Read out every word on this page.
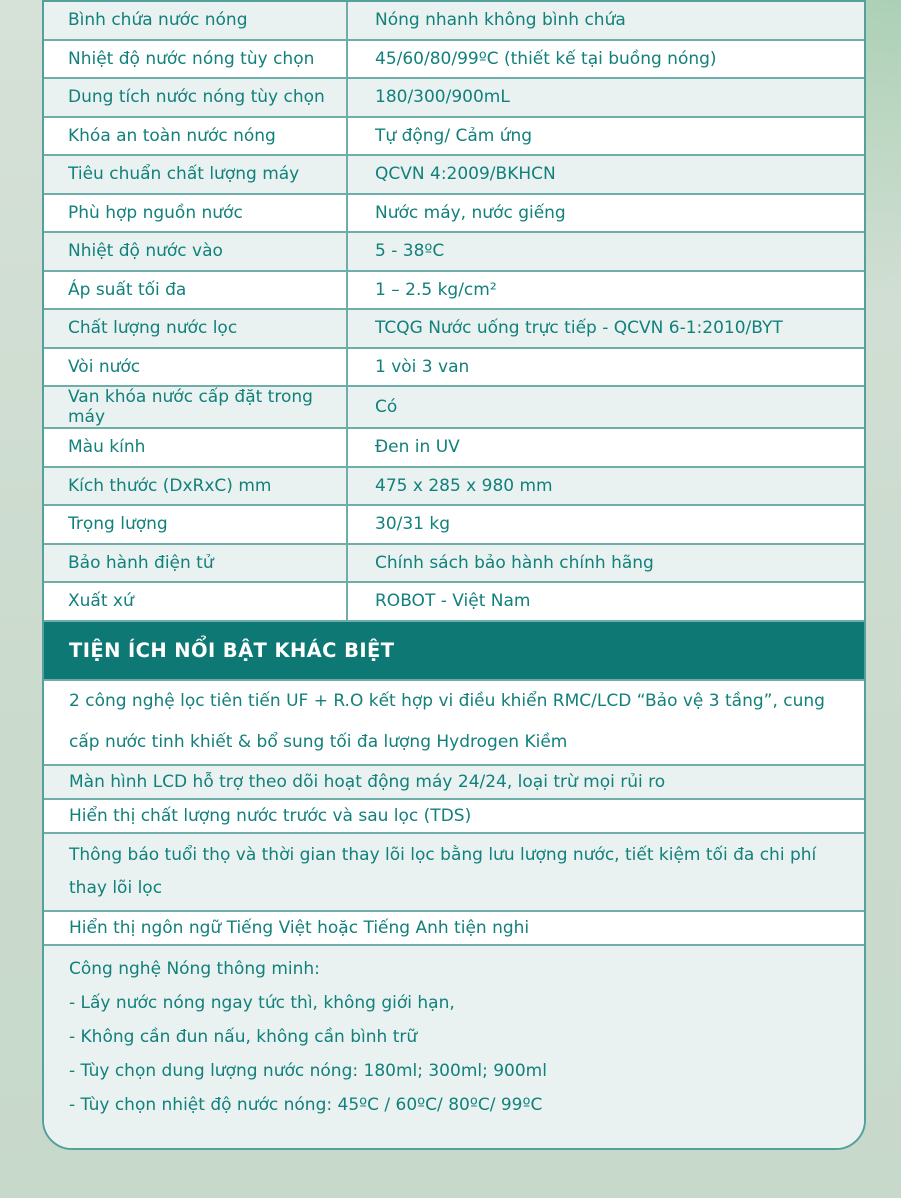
Bình chứa nước nóng	Nóng nhanh không bình chứa
Nhiệt độ nước nóng tùy chọn	45/60/80/99ºC (thiết kế tại buồng nóng)
Dung tích nước nóng tùy chọn	180/300/900mL
Khóa an toàn nước nóng	Tự động/ Cảm ứng
Tiêu chuẩn chất lượng máy	QCVN 4:2009/BKHCN
Phù hợp nguồn nước	Nước máy, nước giếng
Nhiệt độ nước vào	5 - 38ºC
Áp suất tối đa	1 – 2.5 kg/cm²
Chất lượng nước lọc	TCQG Nước uống trực tiếp - QCVN 6-1:2010/BYT
Vòi nước	1 vòi 3 van
Van khóa nước cấp đặt trong máy	Có
Màu kính	Đen in UV
Kích thước (DxRxC) mm	475 x 285 x 980 mm
Trọng lượng	30/31 kg
Bảo hành điện tử	Chính sách bảo hành chính hãng
Xuất xứ	ROBOT - Việt Nam
TIỆN ÍCH NỔI BẬT KHÁC BIỆT
2 công nghệ lọc tiên tiến UF + R.O kết hợp vi điều khiển RMC/LCD “Bảo vệ 3 tầng”, cung cấp nước tinh khiết & bổ sung tối đa lượng Hydrogen Kiềm
Màn hình LCD hỗ trợ theo dõi hoạt động máy 24/24, loại trừ mọi rủi ro
Hiển thị chất lượng nước trước và sau lọc (TDS)
Thông báo tuổi thọ và thời gian thay lõi lọc bằng lưu lượng nước, tiết kiệm tối đa chi phí thay lõi lọc
Hiển thị ngôn ngữ Tiếng Việt hoặc Tiếng Anh tiện nghi
Công nghệ Nóng thông minh:
- Lấy nước nóng ngay tức thì, không giới hạn,
- Không cần đun nấu, không cần bình trữ
- Tùy chọn dung lượng nước nóng: 180ml; 300ml; 900ml
- Tùy chọn nhiệt độ nước nóng: 45ºC / 60ºC/ 80ºC/ 99ºC
